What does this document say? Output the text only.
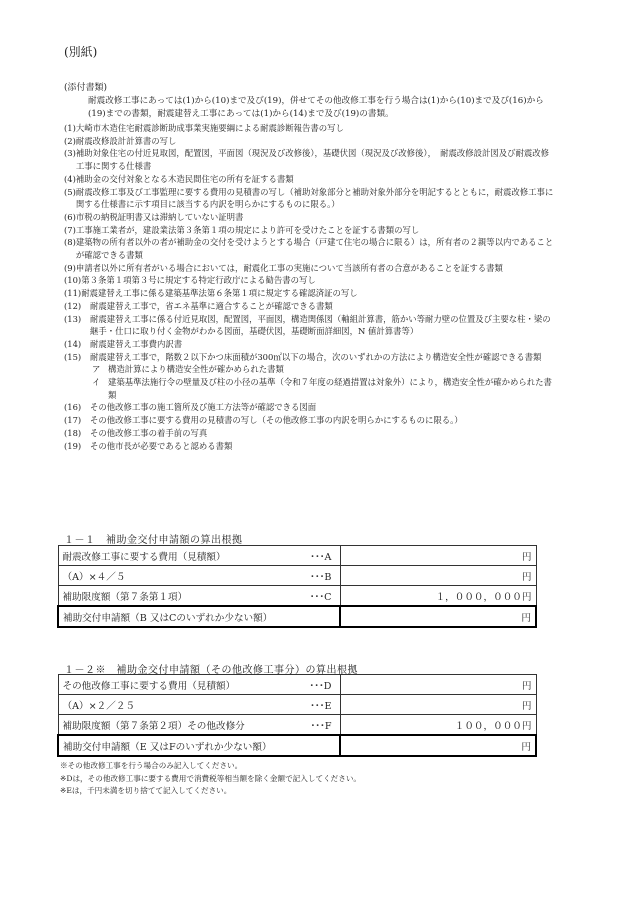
(別紙)
(添付書類)
耐震改修工事にあっては(1)から(10)まで及び(19)，併せてその他改修工事を行う場合は(1)から(10)まで及び(16)から(19)までの書類，耐震建替え工事にあっては(1)から(14)まで及び(19)の書類。
(1) 大崎市木造住宅耐震診断助成事業実施要綱による耐震診断報告書の写し
(2) 耐震改修設計計算書の写し
(3) 補助対象住宅の付近見取図，配置図，平面図（現況及び改修後），基礎伏図（現況及び改修後），　耐震改修設計図及び耐震改修工事に関する仕様書
(4) 補助金の交付対象となる木造民間住宅の所有を証する書類
(5) 耐震改修工事及び工事監理に要する費用の見積書の写し（補助対象部分と補助対象外部分を明記するとともに，耐震改修工事に関する仕様書に示す項目に該当する内訳を明らかにするものに限る。）
(6) 市税の納税証明書又は滞納していない証明書
(7) 工事施工業者が，建設業法第３条第１項の規定により許可を受けたことを証する書類の写し
(8) 建築物の所有者以外の者が補助金の交付を受けようとする場合（戸建て住宅の場合に限る）は，所有者の２親等以内であることが確認できる書類
(9) 申請者以外に所有者がいる場合においては，耐震化工事の実施について当該所有者の合意があることを証する書類
(10) 第３条第１項第３号に規定する特定行政庁による勧告書の写し
(11) 耐震建替え工事に係る建築基準法第６条第１項に規定する確認済証の写し
(12)	耐震建替え工事で，省エネ基準に適合することが確認できる書類
(13)	耐震建替え工事に係る付近見取図，配置図，平面図，構造関係図（軸組計算書，筋かい等耐力壁の位置及び主要な柱・梁の継手・仕口に取り付く金物がわかる図面，基礎伏図，基礎断面詳細図，N 値計算書等）
(14)	耐震建替え工事費内訳書
(15)	耐震建替え工事で，階数２以下かつ床面積が300㎡以下の場合，次のいずれかの方法により構造安全性が確認できる書類
ア 構造計算により構造安全性が確かめられた書類
イ 建築基準法施行令の壁量及び柱の小径の基準（令和７年度の経過措置は対象外）により，構造安全性が確かめられた書類
(16)	その他改修工事の施工箇所及び施工方法等が確認できる図面
(17)	その他改修工事に要する費用の見積書の写し（その他改修工事の内訳を明らかにするものに限る。）
(18)	その他改修工事の着手前の写真
(19)	その他市長が必要であると認める書類
１－１　補助金交付申請額の算出根拠
耐震改修工事に要する費用（見積額） ･･･A	円

（A）×４／５ ･･･B	円

補助限度額（第７条第１項） ･･･C	１，０００，０００円

補助交付申請額（B 又はCのいずれか少ない額）	円
１－２※　補助金交付申請額（その他改修工事分）の算出根拠
その他改修工事に要する費用（見積額） ･･･D	円

（A）×２／２５ ･･･E	円

補助限度額（第７条第２項）その他改修分 ･･･F	１００，０００円

補助交付申請額（E 又はFのいずれか少ない額）	円
※その他改修工事を行う場合のみ記入してください。
※Dは，その他改修工事に要する費用で消費税等相当額を除く金額で記入してください。
※Eは，千円未満を切り捨てて記入してください。
